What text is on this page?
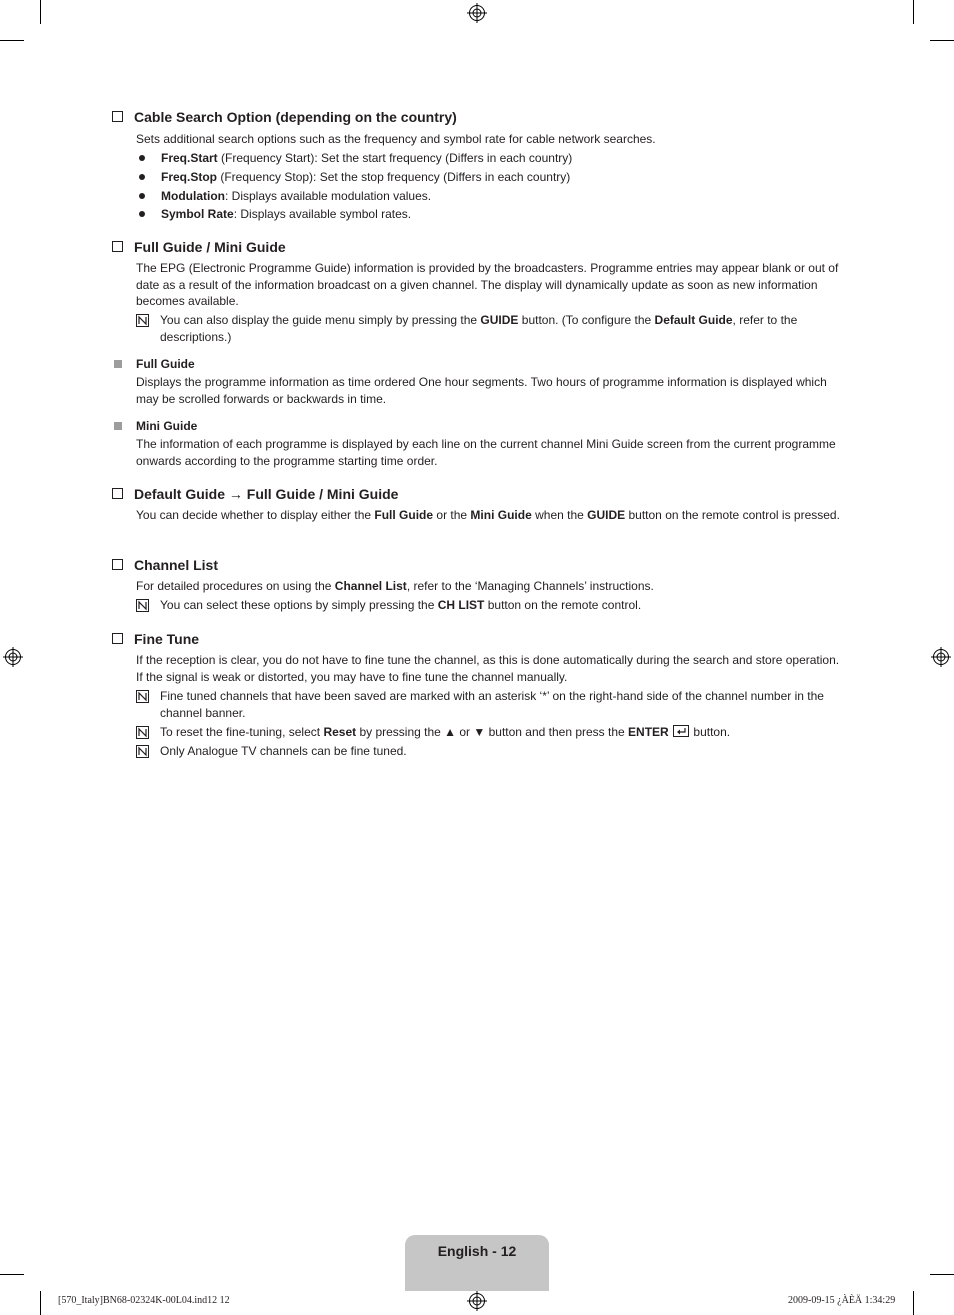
Cable Search Option (depending on the country)
Sets additional search options such as the frequency and symbol rate for cable network searches.
Freq.Start (Frequency Start): Set the start frequency (Differs in each country)
Freq.Stop (Frequency Stop): Set the stop frequency (Differs in each country)
Modulation: Displays available modulation values.
Symbol Rate: Displays available symbol rates.
Full Guide / Mini Guide
The EPG (Electronic Programme Guide) information is provided by the broadcasters. Programme entries may appear blank or out of date as a result of the information broadcast on a given channel. The display will dynamically update as soon as new information becomes available.
You can also display the guide menu simply by pressing the GUIDE button. (To configure the Default Guide, refer to the descriptions.)
Full Guide
Displays the programme information as time ordered One hour segments. Two hours of programme information is displayed which may be scrolled forwards or backwards in time.
Mini Guide
The information of each programme is displayed by each line on the current channel Mini Guide screen from the current programme onwards according to the programme starting time order.
Default Guide → Full Guide / Mini Guide
You can decide whether to display either the Full Guide or the Mini Guide when the GUIDE button on the remote control is pressed.
Channel List
For detailed procedures on using the Channel List, refer to the ‘Managing Channels’ instructions.
You can select these options by simply pressing the CH LIST button on the remote control.
Fine Tune
If the reception is clear, you do not have to fine tune the channel, as this is done automatically during the search and store operation. If the signal is weak or distorted, you may have to fine tune the channel manually.
Fine tuned channels that have been saved are marked with an asterisk ‘*’ on the right-hand side of the channel number in the channel banner.
To reset the fine-tuning, select Reset by pressing the ▲ or ▼ button and then press the ENTER  button.
Only Analogue TV channels can be fine tuned.
English - 12
[570_Italy]BN68-02324K-00L04.ind12 12	2009-09-15 ¿ÀÈÄ 1:34:29
